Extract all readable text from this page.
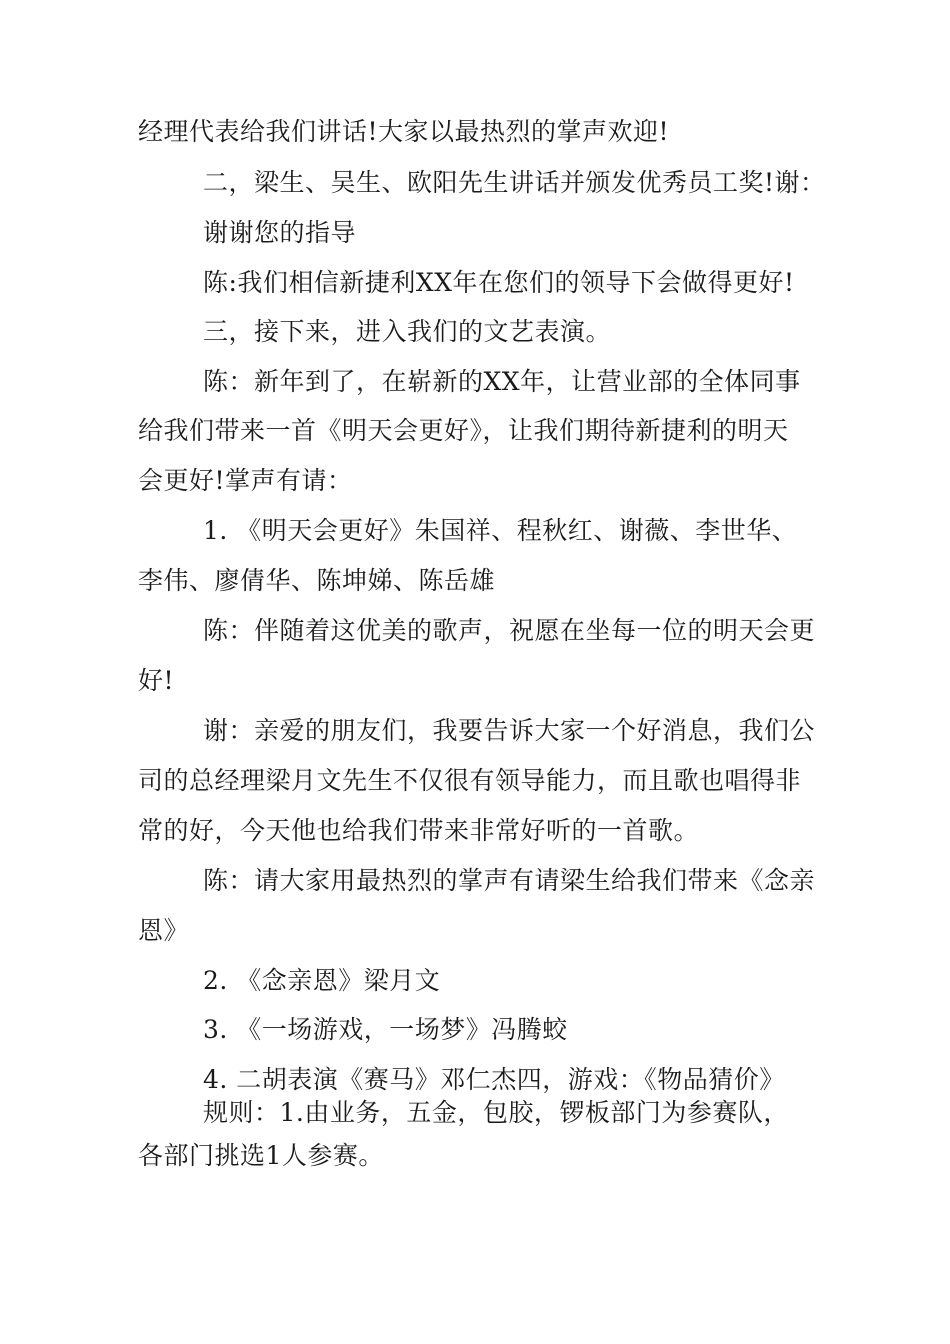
经理代表给我们讲话!大家以最热烈的掌声欢迎!
二，梁生、吴生、欧阳先生讲话并颁发优秀员工奖!谢：
谢谢您的指导
陈:我们相信新捷利XX年在您们的领导下会做得更好!
三，接下来，进入我们的文艺表演。
陈：新年到了，在崭新的XX年，让营业部的全体同事
给我们带来一首《明天会更好》，让我们期待新捷利的明天
会更好!掌声有请：
1. 《明天会更好》朱国祥、程秋红、谢薇、李世华、
李伟、廖倩华、陈坤娣、陈岳雄
陈：伴随着这优美的歌声，祝愿在坐每一位的明天会更
好!
谢：亲爱的朋友们，我要告诉大家一个好消息，我们公
司的总经理梁月文先生不仅很有领导能力，而且歌也唱得非
常的好，今天他也给我们带来非常好听的一首歌。
陈：请大家用最热烈的掌声有请梁生给我们带来《念亲
恩》
2. 《念亲恩》梁月文
3. 《一场游戏，一场梦》冯腾蛟
4. 二胡表演《赛马》邓仁杰四，游戏：《物品猜价》
规则：1.由业务，五金，包胶，锣板部门为参赛队，
各部门挑选1人参赛。
